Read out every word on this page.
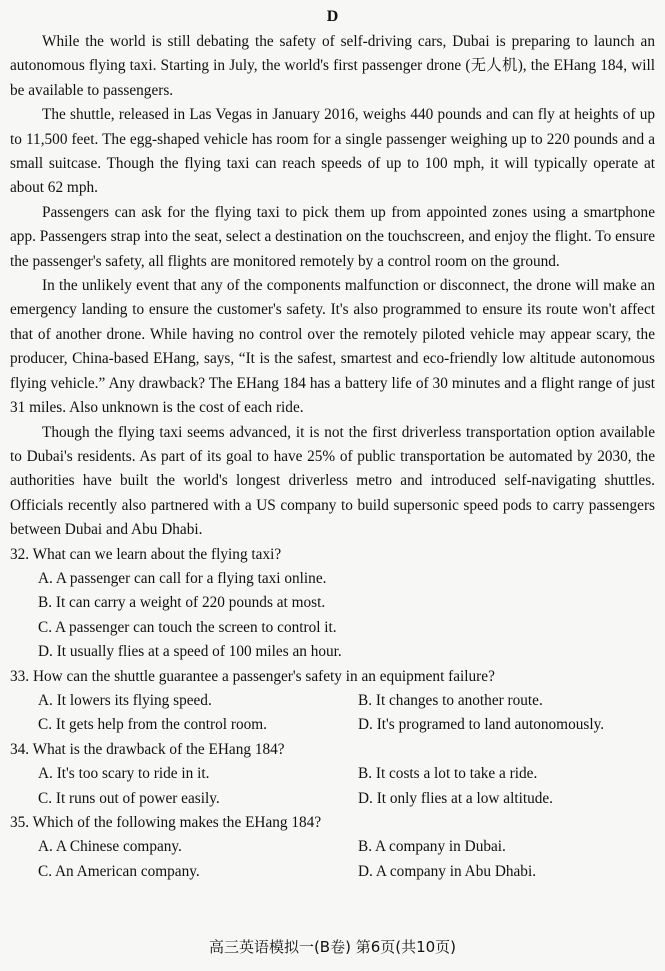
D

While the world is still debating the safety of self-driving cars, Dubai is preparing to launch an autonomous flying taxi. Starting in July, the world's first passenger drone (无人机), the EHang 184, will be available to passengers.

The shuttle, released in Las Vegas in January 2016, weighs 440 pounds and can fly at heights of up to 11,500 feet. The egg-shaped vehicle has room for a single passenger weighing up to 220 pounds and a small suitcase. Though the flying taxi can reach speeds of up to 100 mph, it will typically operate at about 62 mph.

Passengers can ask for the flying taxi to pick them up from appointed zones using a smartphone app. Passengers strap into the seat, select a destination on the touchscreen, and enjoy the flight. To ensure the passenger's safety, all flights are monitored remotely by a control room on the ground.

In the unlikely event that any of the components malfunction or disconnect, the drone will make an emergency landing to ensure the customer's safety. It's also programmed to ensure its route won't affect that of another drone. While having no control over the remotely piloted vehicle may appear scary, the producer, China-based EHang, says, “It is the safest, smartest and eco-friendly low altitude autonomous flying vehicle.” Any drawback? The EHang 184 has a battery life of 30 minutes and a flight range of just 31 miles. Also unknown is the cost of each ride.

Though the flying taxi seems advanced, it is not the first driverless transportation option available to Dubai's residents. As part of its goal to have 25% of public transportation be automated by 2030, the authorities have built the world's longest driverless metro and introduced self-navigating shuttles. Officials recently also partnered with a US company to build supersonic speed pods to carry passengers between Dubai and Abu Dhabi.

32. What can we learn about the flying taxi?

A. A passenger can call for a flying taxi online.

B. It can carry a weight of 220 pounds at most.

C. A passenger can touch the screen to control it.

D. It usually flies at a speed of 100 miles an hour.

33. How can the shuttle guarantee a passenger's safety in an equipment failure?

A. It lowers its flying speed.	B. It changes to another route.
C. It gets help from the control room.	D. It's programed to land autonomously.

34. What is the drawback of the EHang 184?

A. It's too scary to ride in it.	B. It costs a lot to take a ride.
C. It runs out of power easily.	D. It only flies at a low altitude.

35. Which of the following makes the EHang 184?

A. A Chinese company.	B. A company in Dubai.
C. An American company.	D. A company in Abu Dhabi.
高三英语模拟一(B卷) 第6页(共10页)
